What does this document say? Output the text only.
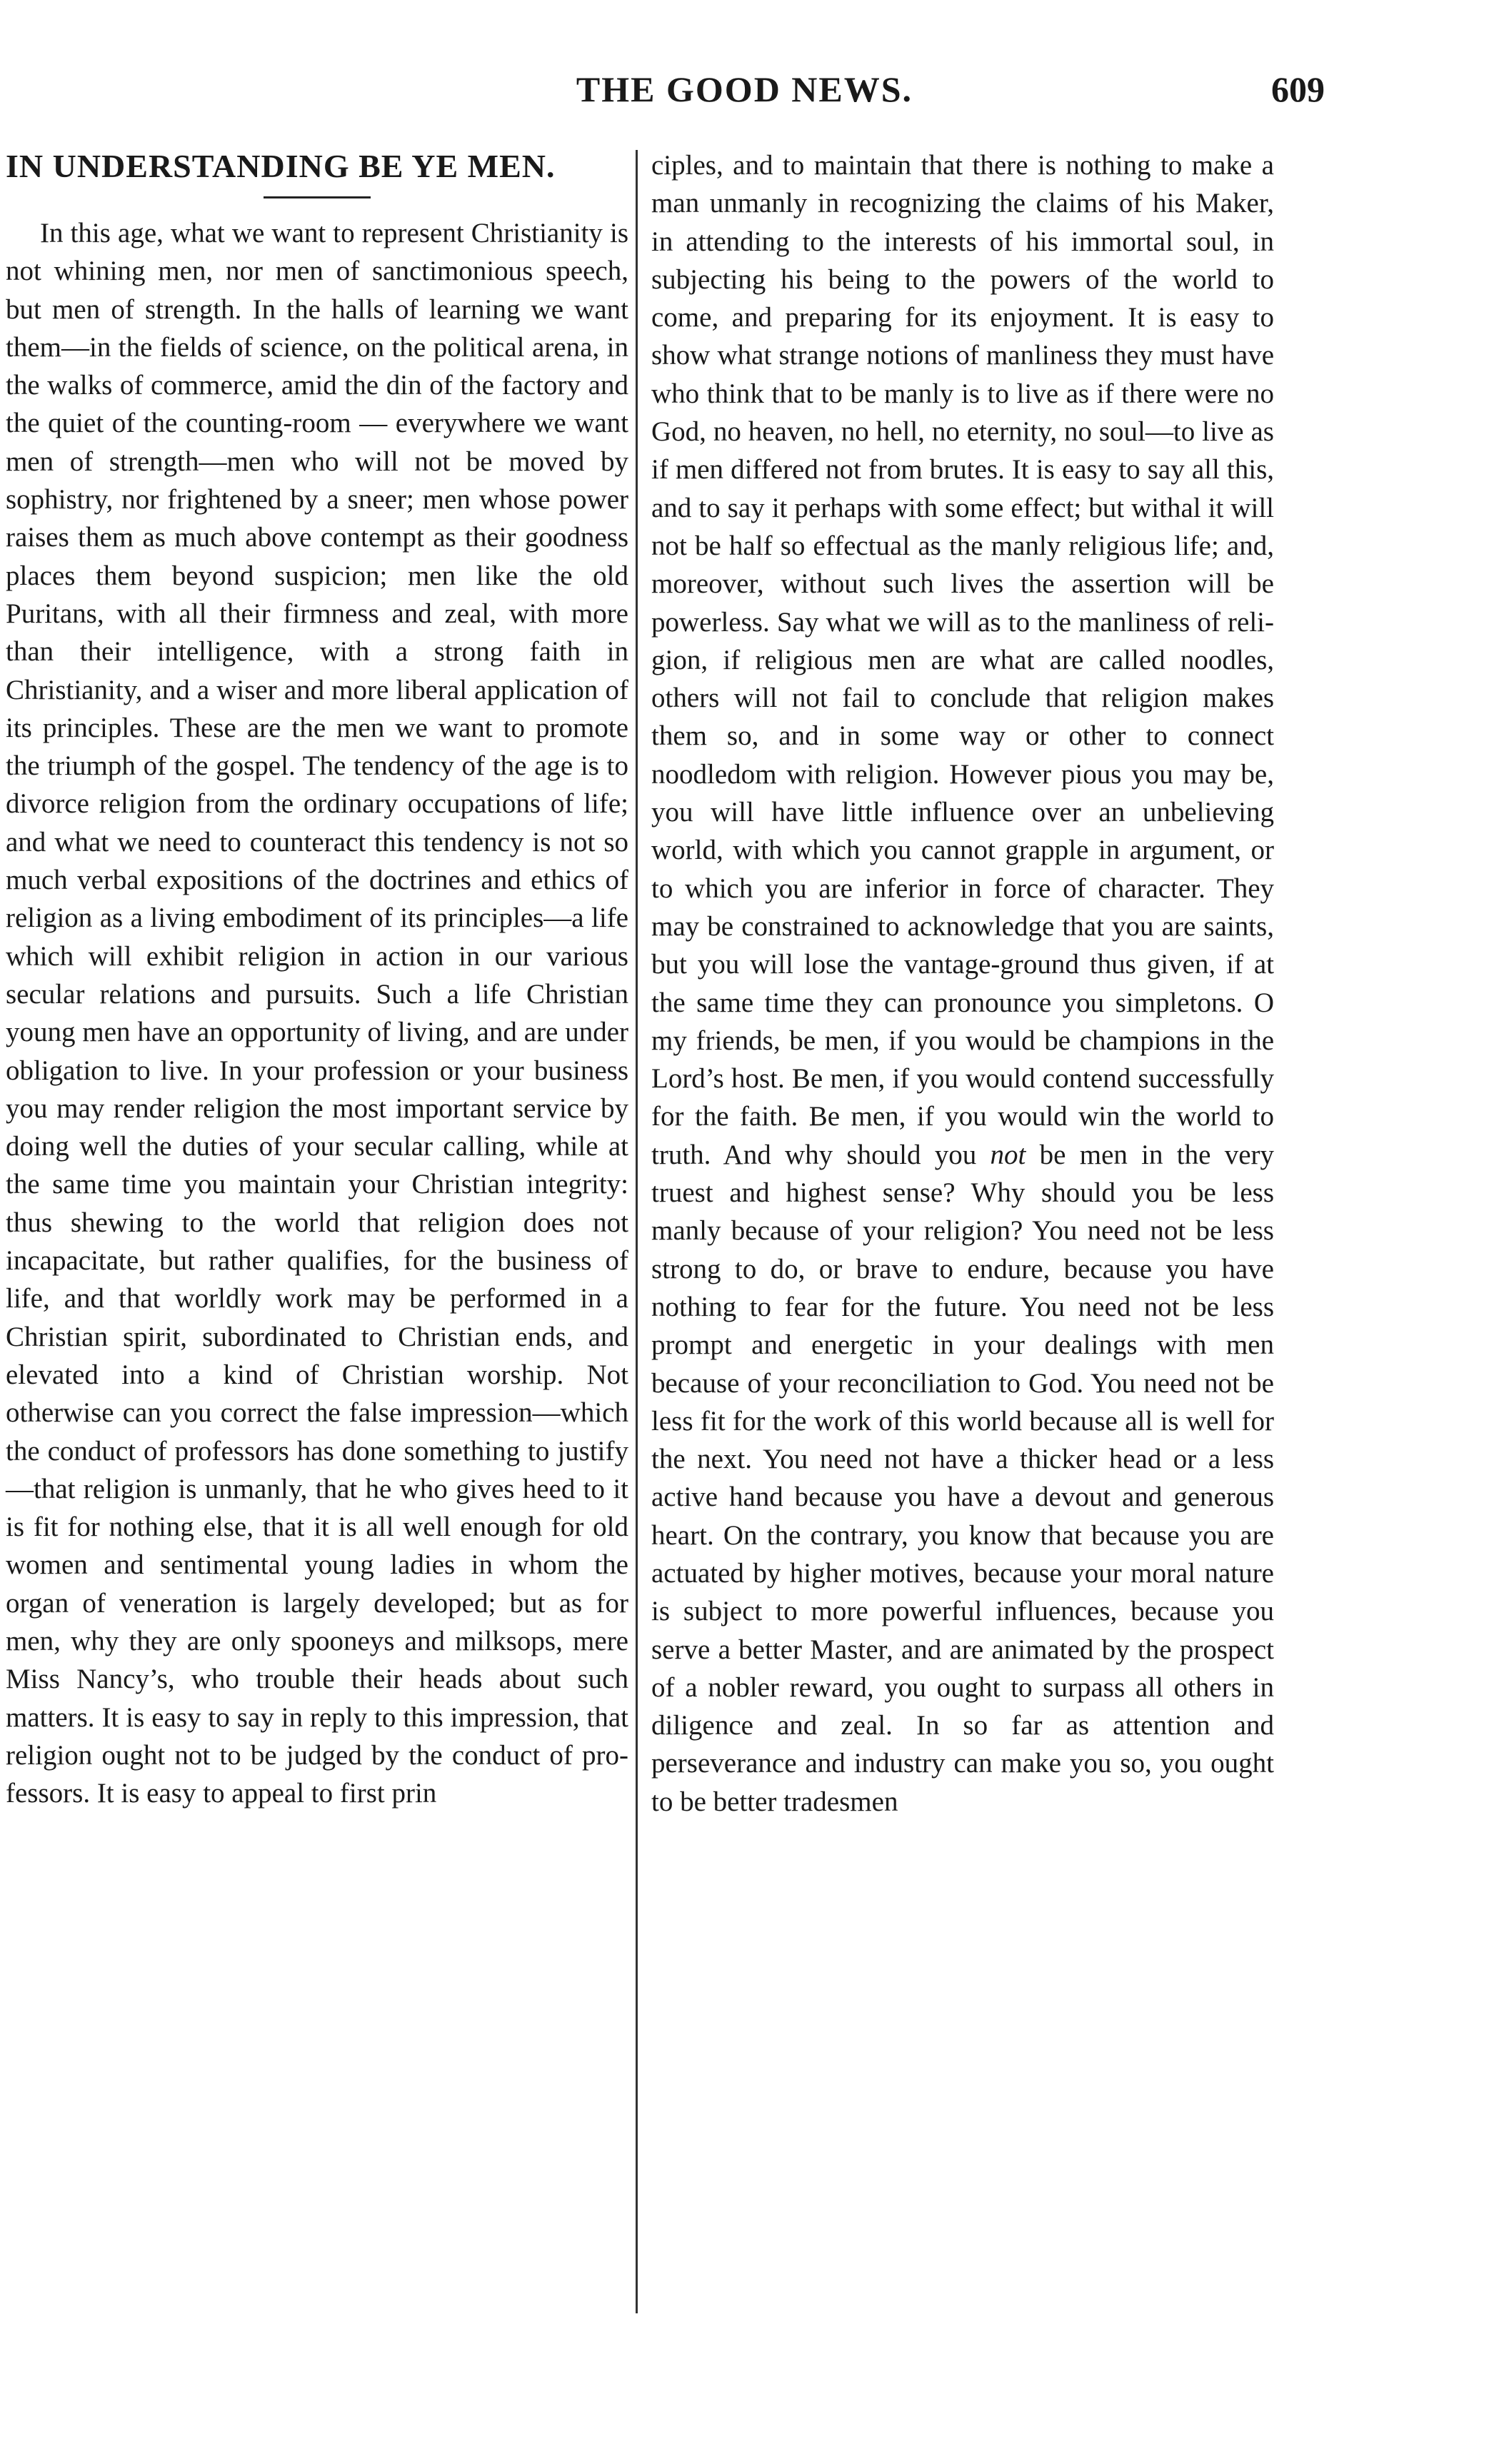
THE GOOD NEWS.	609
IN UNDERSTANDING BE YE MEN.

In this age, what we want to represent Christianity is not whining men, nor men of sanctimonious speech, but men of strength. In the halls of learning we want them—in the fields of science, on the political arena, in the walks of commerce, amid the din of the factory and the quiet of the counting-room — everywhere we want men of strength—men who will not be moved by sophistry, nor frightened by a sneer; men whose power raises them as much above contempt as their goodness places them beyond suspicion; men like the old Puritans, with all their firmness and zeal, with more than their intelligence, with a strong faith in Christianity, and a wiser and more liberal application of its principles. These are the men we want to promote the triumph of the gospel. The tendency of the age is to divorce religion from the ordinary occupations of life; and what we need to counteract this tendency is not so much verbal expositions of the doctrines and ethics of religion as a living embodiment of its principles—a life which will exhibit religion in action in our various secular relations and pursuits. Such a life Christian young men have an opportunity of living, and are under obligation to live. In your profession or your business you may render religion the most important service by doing well the duties of your secular calling, while at the same time you maintain your Christian integrity: thus shewing to the world that religion does not incapacitate, but rather qualifies, for the business of life, and that worldly work may be performed in a Christian spirit, subordinated to Christian ends, and elevated into a kind of Christian worship. Not otherwise can you correct the false impression—which the conduct of professors has done something to justify—that religion is unmanly, that he who gives heed to it is fit for nothing else, that it is all well enough for old women and sentimental young ladies in whom the organ of veneration is largely developed; but as for men, why they are only spooneys and milksops, mere Miss Nancy’s, who trouble their heads about such matters. It is easy to say in reply to this impression, that religion ought not to be judged by the conduct of professors. It is easy to appeal to first prin

ciples, and to maintain that there is nothing to make a man unmanly in recognizing the claims of his Maker, in attending to the interests of his immortal soul, in subjecting his being to the powers of the world to come, and preparing for its enjoyment. It is easy to show what strange notions of manliness they must have who think that to be manly is to live as if there were no God, no heaven, no hell, no eternity, no soul—to live as if men differed not from brutes. It is easy to say all this, and to say it perhaps with some effect; but withal it will not be half so effectual as the manly religious life; and, moreover, without such lives the assertion will be powerless. Say what we will as to the manliness of religion, if religious men are what are called noodles, others will not fail to conclude that religion makes them so, and in some way or other to connect noodledom with religion. However pious you may be, you will have little influence over an unbelieving world, with which you cannot grapple in argument, or to which you are inferior in force of character. They may be constrained to acknowledge that you are saints, but you will lose the vantage-ground thus given, if at the same time they can pronounce you simpletons. O my friends, be men, if you would be champions in the Lord’s host. Be men, if you would contend successfully for the faith. Be men, if you would win the world to truth. And why should you not be men in the very truest and highest sense? Why should you be less manly because of your religion? You need not be less strong to do, or brave to endure, because you have nothing to fear for the future. You need not be less prompt and energetic in your dealings with men because of your reconciliation to God. You need not be less fit for the work of this world because all is well for the next. You need not have a thicker head or a less active hand because you have a devout and generous heart. On the contrary, you know that because you are actuated by higher motives, because your moral nature is subject to more powerful influences, because you serve a better Master, and are animated by the prospect of a nobler reward, you ought to surpass all others in diligence and zeal. In so far as attention and perseverance and industry can make you so, you ought to be better tradesmen
